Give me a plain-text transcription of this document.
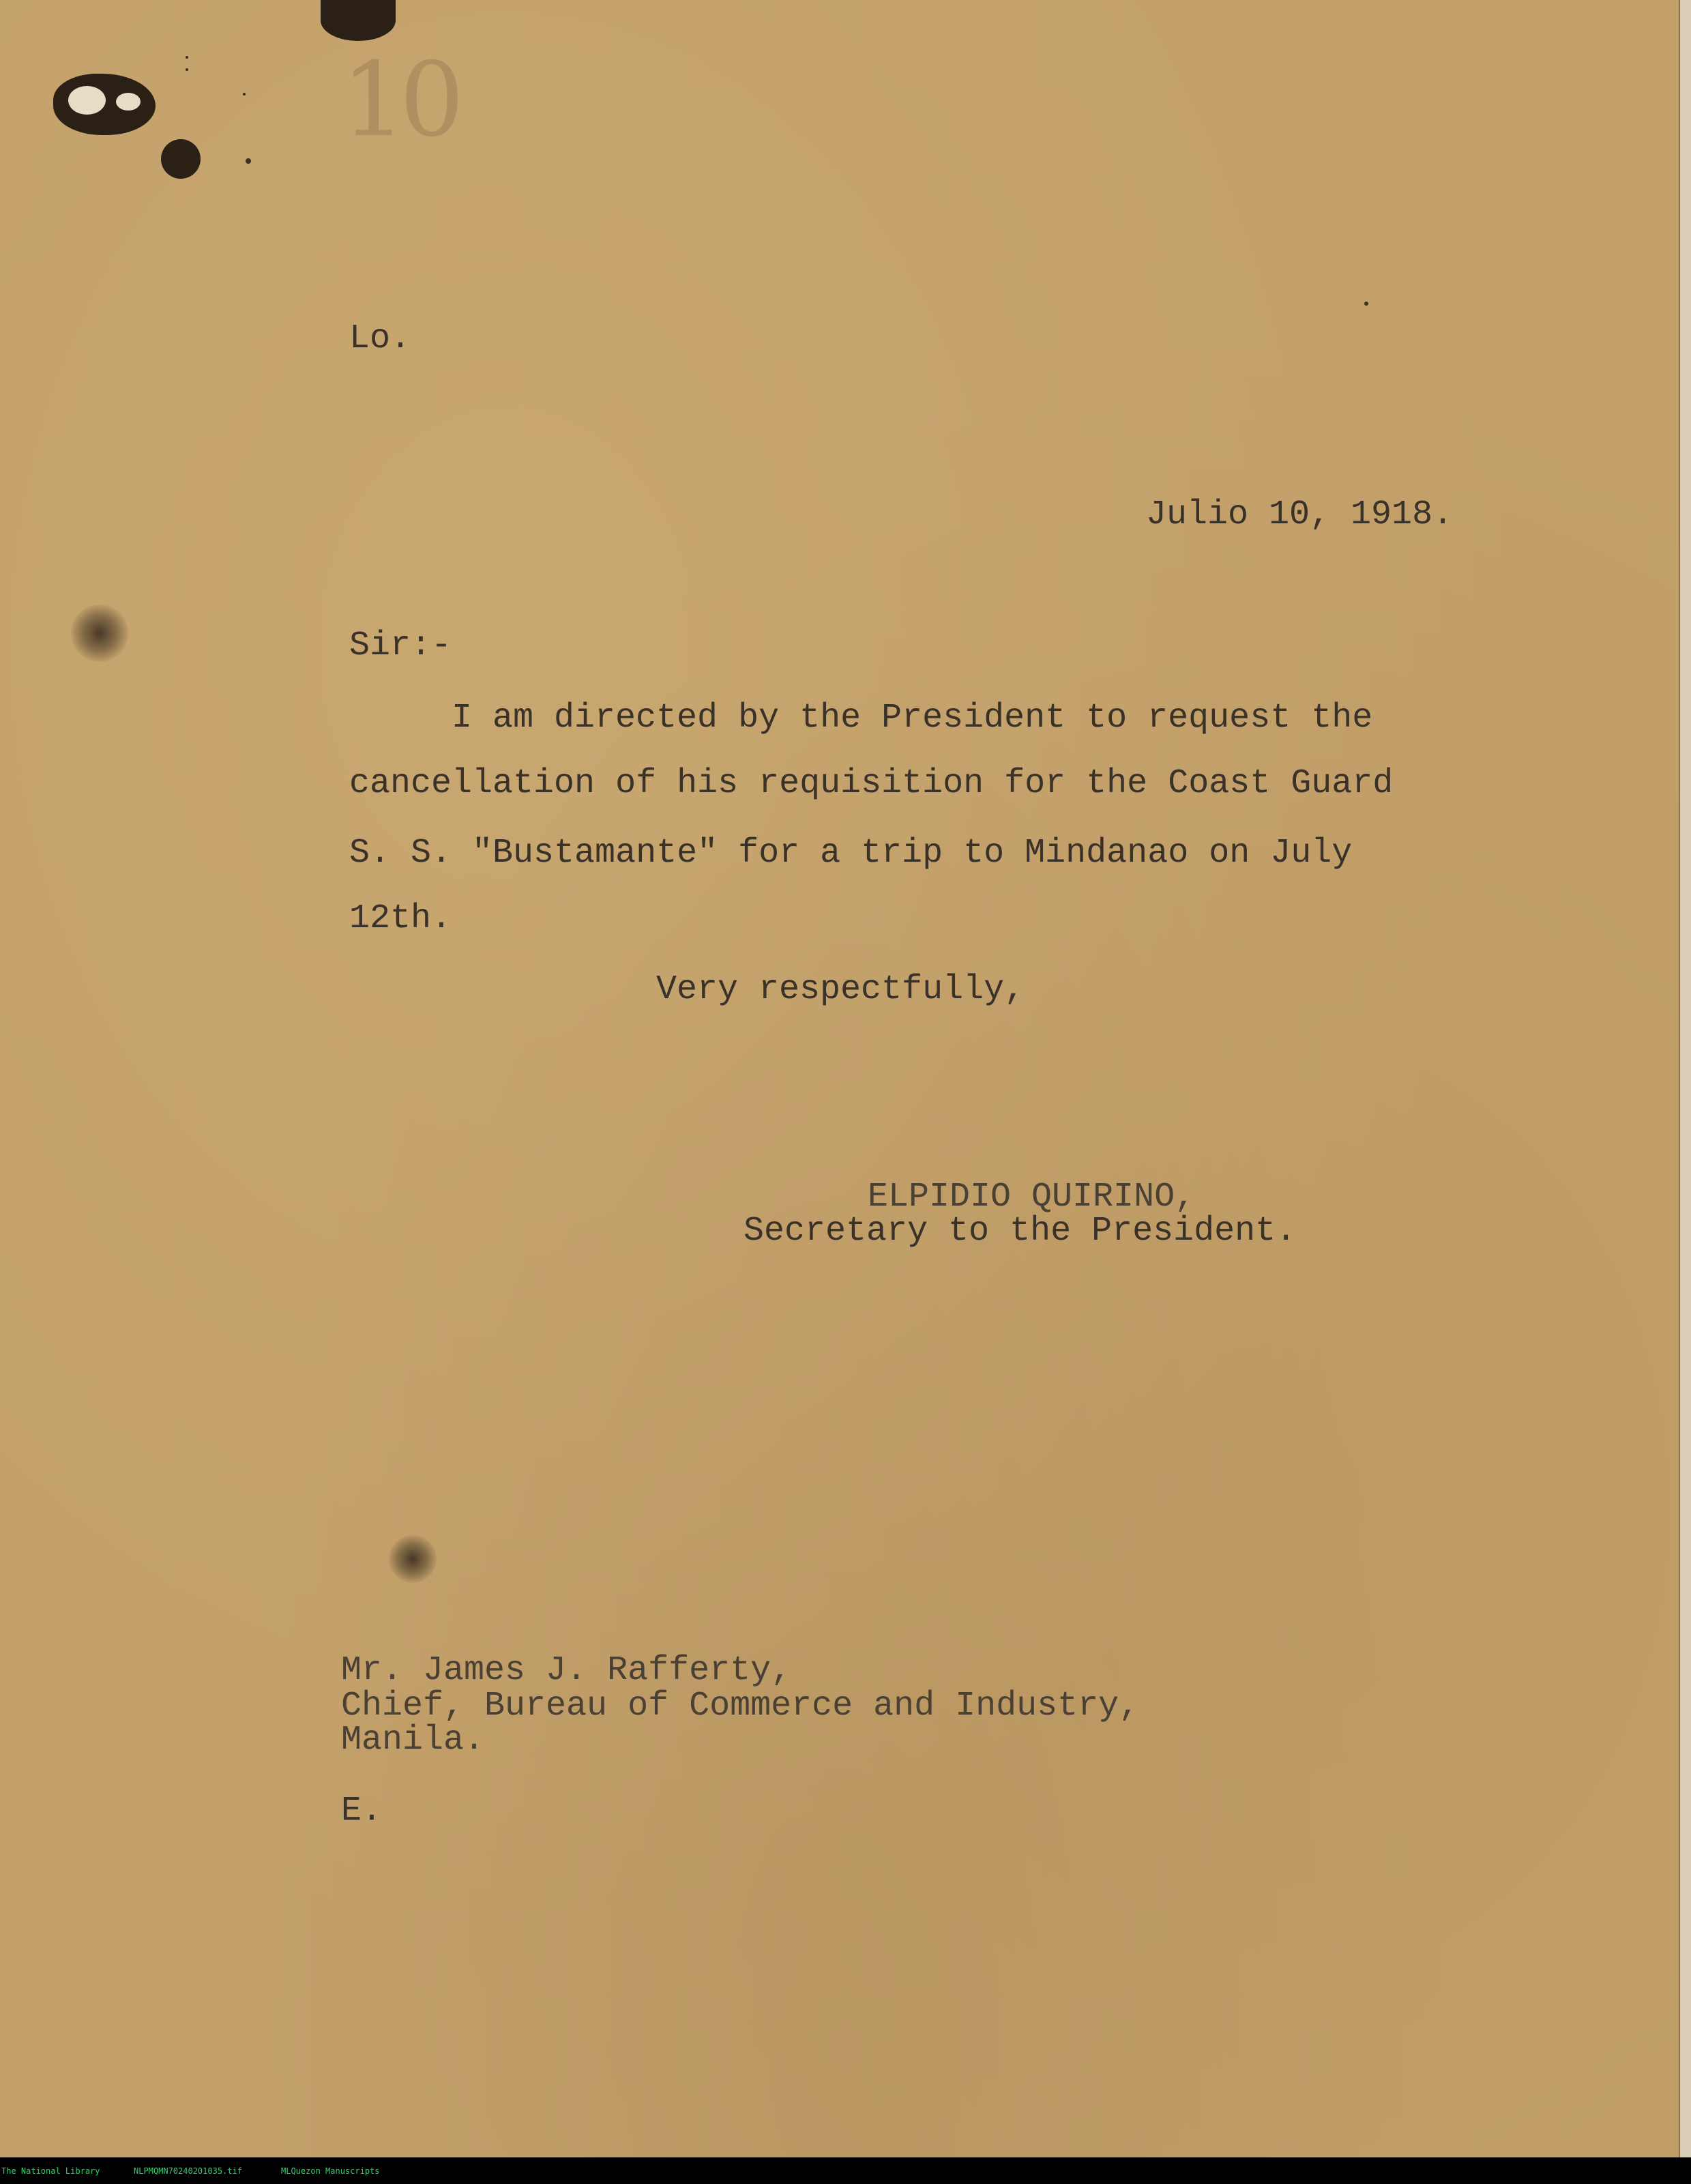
10
Lo.
Julio 10, 1918.
Sir:-
I am directed by the President to request the
cancellation of his requisition for the Coast Guard
S. S. "Bustamante" for a trip to Mindanao on July
12th.
Very respectfully,
ELPIDIO QUIRINO,
Secretary to the President.
Mr. James J. Rafferty,
Chief, Bureau of Commerce and Industry,
Manila.
E.
The National Library	NLPMQMN70240201035.tif	MLQuezon Manuscripts
